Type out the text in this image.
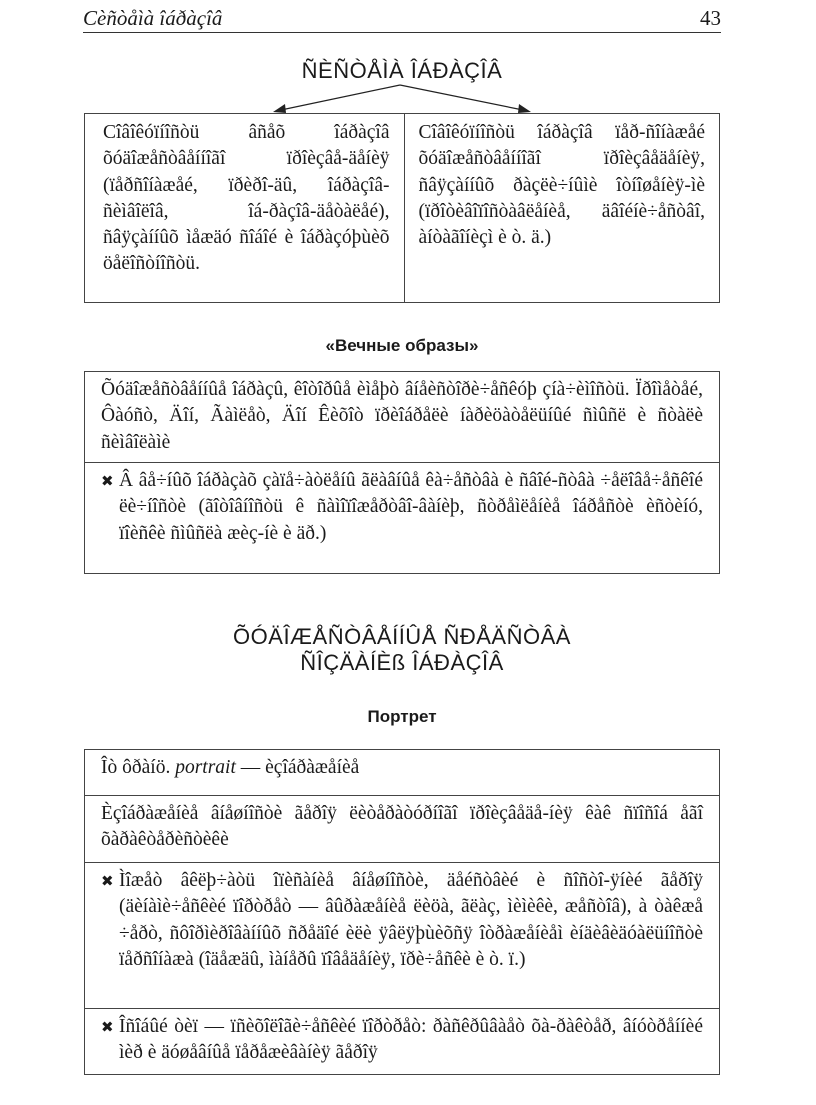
Cèñòåìà îáðàçîâ	43
ÑÈÑÒÅÌÀ ÎÁÐÀÇÎÂ
Cîâîêóïíîñòü âñåõ îáðàçîâ õóäîæåñòâåííîãî ïðîèçâå-äåíèÿ (ïåðñîíàæåé, ïðèðî-äû, îáðàçîâ-ñèìâîëîâ, îá-ðàçîâ-äåòàëåé), ñâÿçàííûõ ìåæäó ñîáîé è îáðàçóþùèõ öåëîñòíîñòü.
Cîâîêóïíîñòü îáðàçîâ ïåð-ñîíàæåé õóäîæåñòâåííîãî ïðîèçâåäåíèÿ, ñâÿçàííûõ ðàçëè÷íûìè îòíîøåíèÿ-ìè (ïðîòèâîïîñòàâëåíèå, äâîéíè÷åñòâî, àíòàãîíèçì è ò. ä.)
«Вечные образы»
Õóäîæåñòâåííûå îáðàçû, êîòîðûå èìåþò âíåèñòîðè÷åñêóþ çíà÷èìîñòü. Ïðîìåòåé, Ôàóñò, Äîí, Ãàìëåò, Äîí Êèõîò ïðèîáðåëè íàðèöàòåëüíûé ñìûñë è ñòàëè ñèìâîëàìè
✖ Â âå÷íûõ îáðàçàõ çàïå÷àòëåíû ãëàâíûå êà÷åñòâà è ñâîé-ñòâà ÷åëîâå÷åñêîé ëè÷íîñòè (ãîòîâíîñòü ê ñàìîïîæåðòâî-âàíèþ, ñòðåìëåíèå îáðåñòè èñòèíó, ïîèñêè ñìûñëà æèç-íè è äð.)
ÕÓÄÎÆÅÑÒÂÅÍÍÛÅ ÑÐÅÄÑÒÂÀ
ÑÎÇÄÀÍÈß ÎÁÐÀÇÎÂ
Портрет
Îò ôðàíö. portrait — èçîáðàæåíèå
Èçîáðàæåíèå âíåøíîñòè ãåðîÿ ëèòåðàòóðíîãî ïðîèçâåäå-íèÿ êàê ñïîñîá åãî õàðàêòåðèñòèêè
✖ Ìîæåò âêëþ÷àòü îïèñàíèå âíåøíîñòè, äåéñòâèé è ñîñòî-ÿíèé ãåðîÿ (äèíàìè÷åñêèé ïîðòðåò — âûðàæåíèå ëèöà, ãëàç, ìèìèêè, æåñòîâ), à òàêæå ÷åðò, ñôîðìèðîâàííûõ ñðåäîé èëè ÿâëÿþùèõñÿ îòðàæåíèåì èíäèâèäóàëüíîñòè ïåðñîíàæà (îäåæäû, ìàíåðû ïîâåäåíèÿ, ïðè÷åñêè è ò. ï.)
✖ Îñîáûé òèï — ïñèõîëîãè÷åñêèé ïîðòðåò: ðàñêðûâàåò õà-ðàêòåð, âíóòðåííèé ìèð è äóøåâíûå ïåðåæèâàíèÿ ãåðîÿ
